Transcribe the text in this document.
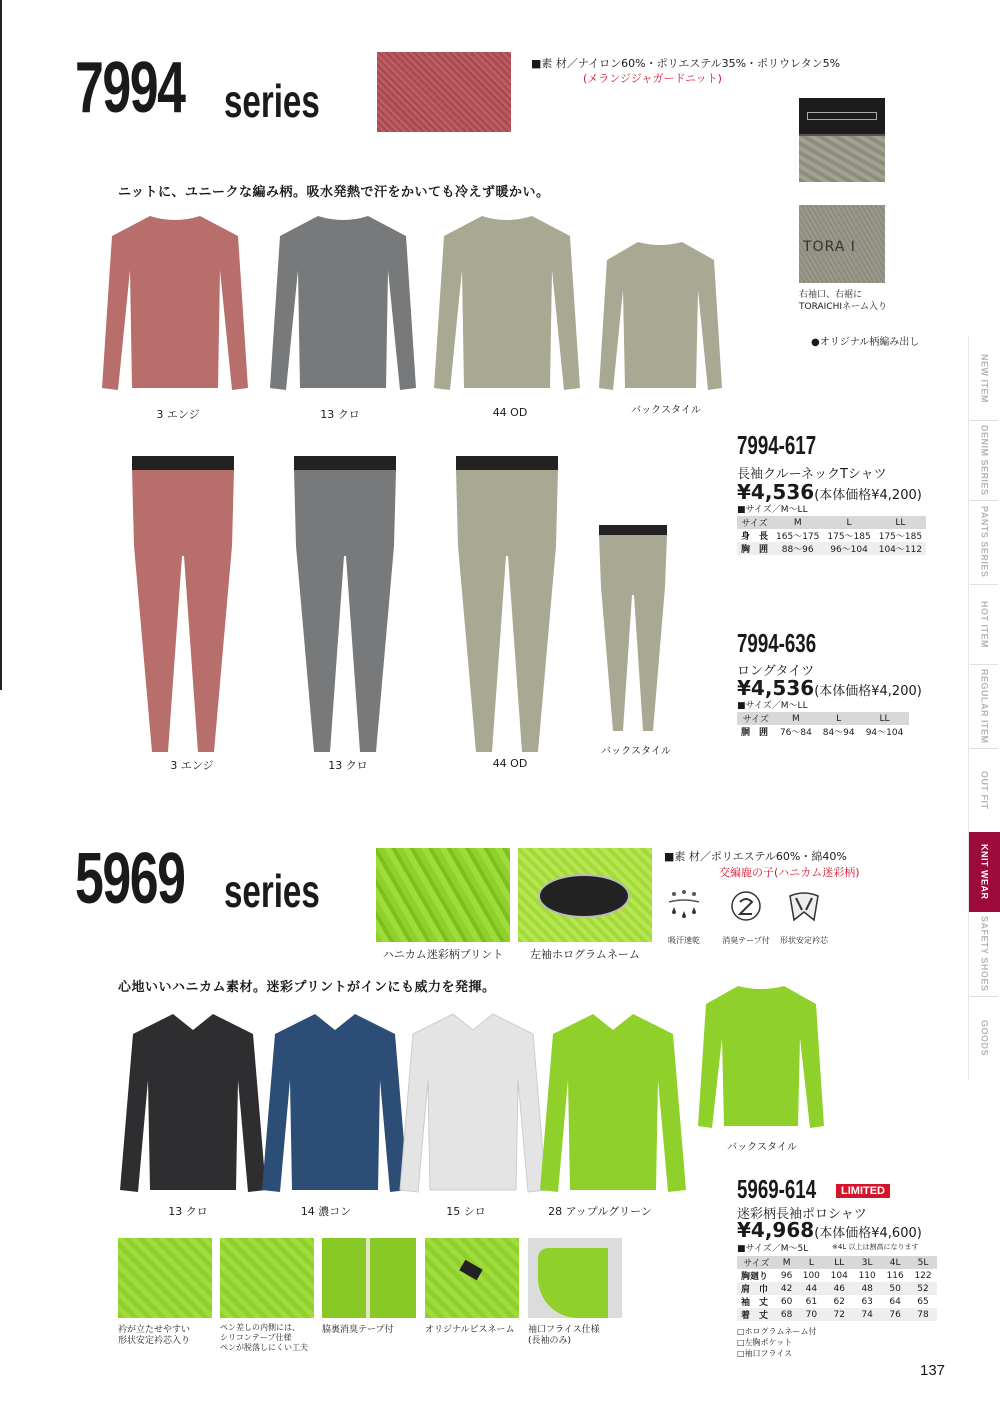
7994 series
■素 材／ナイロン60%・ポリエステル35%・ポリウレタン5%
(メランジジャガードニット)
TORA I
右袖口、右裾に
TORAICHIネーム入り
●オリジナル柄編み出し
ニットに、ユニークな編み柄。吸水発熱で汗をかいても冷えず暖かい。
3 エンジ	13 クロ	44 OD	バックスタイル
3 エンジ	13 クロ	44 OD
バックスタイル
7994-617
長袖クルーネックTシャツ
¥4,536(本体価格¥4,200)
■サイズ／M〜LL
サイズ	M	L	LL
身　長	165〜175	175〜185	175〜185
胸　囲	88〜96	96〜104	104〜112
7994-636
ロングタイツ
¥4,536(本体価格¥4,200)
■サイズ／M〜LL
サイズ	M	L	LL
胴　囲	76〜84	84〜94	94〜104
5969 series
ハニカム迷彩柄プリント	左袖ホログラムネーム
■素 材／ポリエステル60%・綿40%
交編鹿の子(ハニカム迷彩柄)
吸汗速乾	消臭テープ付	形状安定衿芯
心地いいハニカム素材。迷彩プリントがインにも威力を発揮。
13 クロ	14 濃コン	15 シロ	28 アップルグリーン
バックスタイル
衿が立たせやすい
形状安定衿芯入り
ペン差しの内側には、
シリコンテープ仕様
ペンが脱落しにくい工夫
脇裏消臭テープ付	オリジナルピスネーム 袖口フライス仕様
(長袖のみ)
5969-614	LIMITED
迷彩柄長袖ポロシャツ
¥4,968(本体価格¥4,600)
■サイズ／M〜5L	※4L 以上は割高になります
サイズ	M	L	LL	3L	4L	5L
胸廻り	96	100	104	110	116	122
肩　巾	42	44	46	48	50	52
袖　丈	60	61	62	63	64	65
着　丈	68	70	72	74	76	78
□ホログラムネーム付
□左胸ポケット
□袖口フライス
137
NEW ITEM
DENIM SERIES
PANTS SERIES
HOT ITEM
REGULAR ITEM
OUT FIT
KNIT WEAR
SAFETY SHOES
GOODS
